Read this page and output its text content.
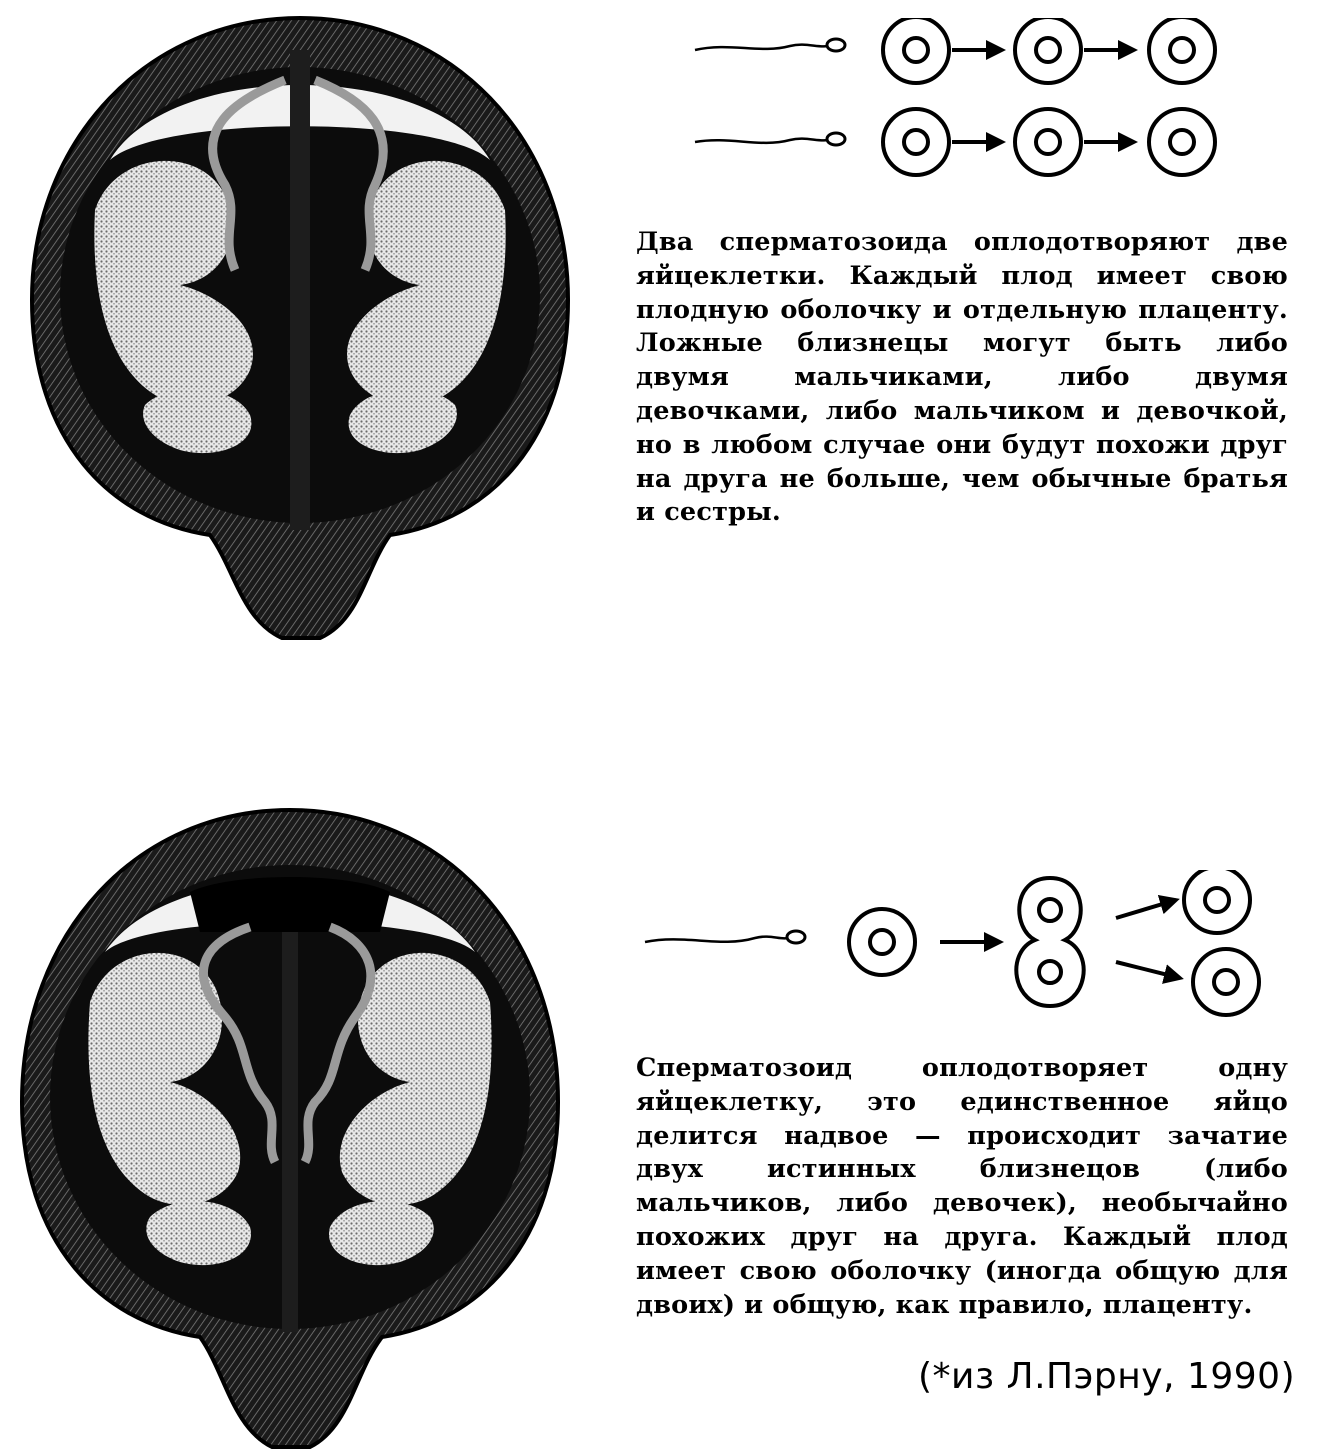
Два сперматозоида оплодотворяют две яйцеклетки. Каждый плод имеет свою плодную оболочку и отдельную плаценту. Ложные близнецы могут быть либо двумя мальчиками, либо двумя девочками, либо мальчиком и девочкой, но в любом случае они будут похожи друг на друга не больше, чем обычные братья и сестры.

Сперматозоид оплодотворяет одну яйцеклетку, это единственное яйцо делится надвое — происходит зачатие двух истинных близнецов (либо мальчиков, либо девочек), необычайно похожих друг на друга. Каждый плод имеет свою оболочку (иногда общую для двоих) и общую, как правило, плаценту.

(*из Л.Пэрну, 1990)
